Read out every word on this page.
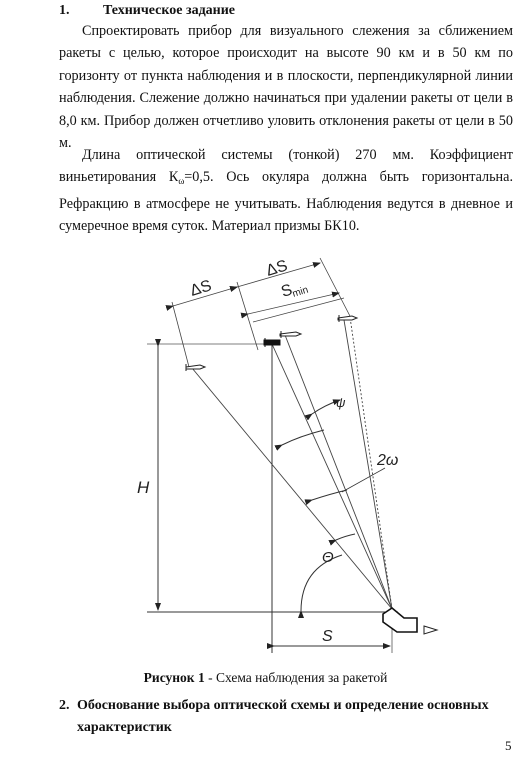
1. Техническое задание

Спроектировать прибор для визуального слежения за сближением ракеты с целью, которое происходит на высоте 90 км и в 50 км по горизонту от пункта наблюдения и в плоскости, перпендикулярной линии наблюдения. Слежение должно начинаться при удалении ракеты от цели в 8,0 км. Прибор должен отчетливо уловить отклонения ракеты от цели в 50 м.

Длина оптической системы (тонкой) 270 мм. Коэффициент виньетирования $К_\omega=0,5$. Ось окуляра должна быть горизонтальна. Рефракцию в атмосфере не учитывать. Наблюдения ведутся в дневное и сумеречное время суток. Материал призмы БК10.

H
S
ΔS
ΔS
S
min
ψ
2ω
Θ
Рисунок 1 - Схема наблюдения за ракетой
2. Обоснование выбора оптической схемы и определение основных
характеристик
5
